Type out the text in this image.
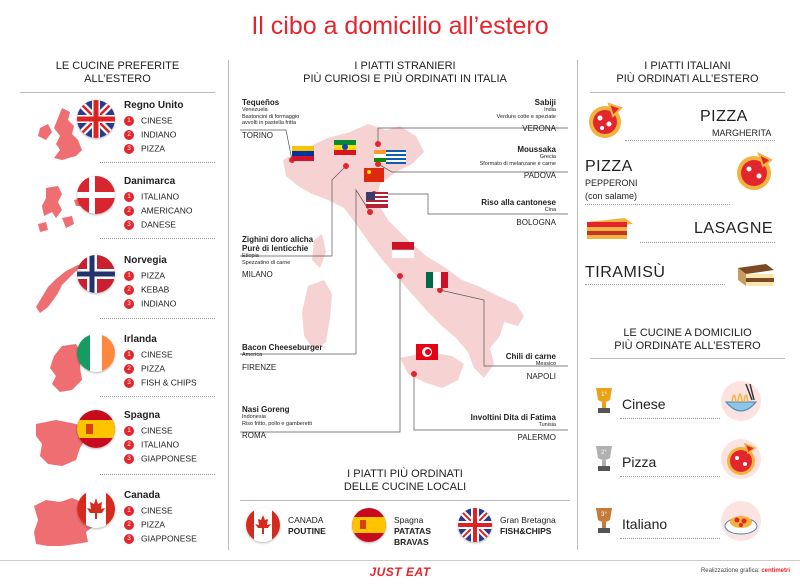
Il cibo a domicilio all’estero
LE CUCINE PREFERITE
ALL’ESTERO
I PIATTI STRANIERI
PIÙ CURIOSI E PIÙ ORDINATI IN ITALIA
I PIATTI ITALIANI
PIÙ ORDINATI ALL’ESTERO
Regno Unito
1 CINESE
2 INDIANO
3 PIZZA
Danimarca
1 ITALIANO
2 AMERICANO
3 DANESE
Norvegia
1 PIZZA
2 KEBAB
3 INDIANO
Irlanda
1 CINESE
2 PIZZA
3 FISH & CHIPS
Spagna
1 CINESE
2 ITALIANO
3 GIAPPONESE
Canada
1 CINESE
2 PIZZA
3 GIAPPONESE
Tequeños
Venezuela
Bastoncini di formaggio
avvolti in pastella fritta
TORINO
Zighini doro alicha
Purè di lenticchie
Etiopia
Spezzatino di carne
MILANO
Bacon Cheeseburger
America
FIRENZE
Nasi Goreng
Indonesia
Riso fritto, pollo e gamberetti
ROMA
Sabiji
India
Verdure cotte e speziate
VERONA
Moussaka
Grecia
Sformato di melanzane e carne
PADOVA
Riso alla cantonese
Cina
BOLOGNA
Chili di carne
Messico
NAPOLI
Involtini Dita di Fatima
Tunisia
PALERMO
I PIATTI PIÙ ORDINATI
DELLE CUCINE LOCALI
CANADA
POUTINE
Spagna
PATATAS
BRAVAS
Gran Bretagna
FISH&CHIPS
PIZZA
MARGHERITA
PIZZA
PEPPERONI
(con salame)
LASAGNE
TIRAMISÙ
LE CUCINE A DOMICILIO
PIÙ ORDINATE ALL’ESTERO
1°
Cinese
2°
Pizza
3°
Italiano
JUST EAT	Realizzazione grafica: centimetri
